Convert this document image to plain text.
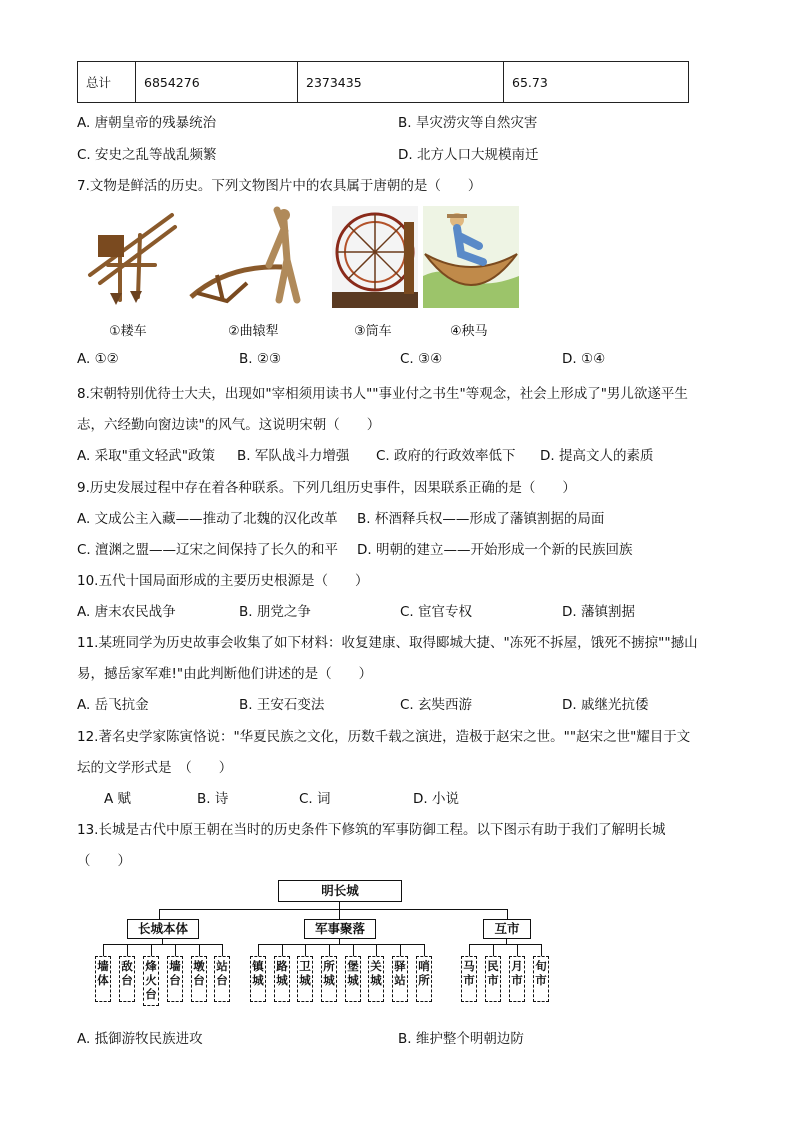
总计	6854276	2373435	65.73
A. 唐朝皇帝的残暴统治	B. 旱灾涝灾等自然灾害
C. 安史之乱等战乱频繁	D. 北方人口大规模南迁
7.文物是鲜活的历史。下列文物图片中的农具属于唐朝的是（　　）
①耧车	②曲辕犁	③筒车	④秧马
A. ①②	B. ②③	C. ③④	D. ①④
8.宋朝特别优待士大夫，出现如"宰相须用读书人""事业付之书生"等观念，社会上形成了"男儿欲遂平生
志，六经勤向窗边读"的风气。这说明宋朝（　　）
A. 采取"重文轻武"政策 B. 军队战斗力增强 C. 政府的行政效率低下 D. 提高文人的素质
9.历史发展过程中存在着各种联系。下列几组历史事件，因果联系正确的是（　　）
A. 文成公主入藏——推动了北魏的汉化改革 B. 杯酒释兵权——形成了藩镇割据的局面
C. 澶渊之盟——辽宋之间保持了长久的和平 D. 明朝的建立——开始形成一个新的民族回族
10.五代十国局面形成的主要历史根源是（　　）
A. 唐末农民战争	B. 朋党之争	C. 宦官专权	D. 藩镇割据
11.某班同学为历史故事会收集了如下材料：收复建康、取得郾城大捷、"冻死不拆屋，饿死不掳掠""撼山
易，撼岳家军难!"由此判断他们讲述的是（　　）
A. 岳飞抗金	B. 王安石变法	C. 玄奘西游	D. 戚继光抗倭
12.著名史学家陈寅恪说："华夏民族之文化，历数千载之演进，造极于赵宋之世。""赵宋之世"耀目于文
坛的文学形式是　（　　）
A 赋	B. 诗	C. 词	D. 小说
13.长城是古代中原王朝在当时的历史条件下修筑的军事防御工程。以下图示有助于我们了解明长城
（　　）
明长城
长城本体	军事聚落	互市
墙体
敌台
烽火台
墙台
墩台
站台
镇城
路城
卫城
所城
堡城
关城
驿站
哨所
马市
民市
月市
旬市
A. 抵御游牧民族进攻	B. 维护整个明朝边防
